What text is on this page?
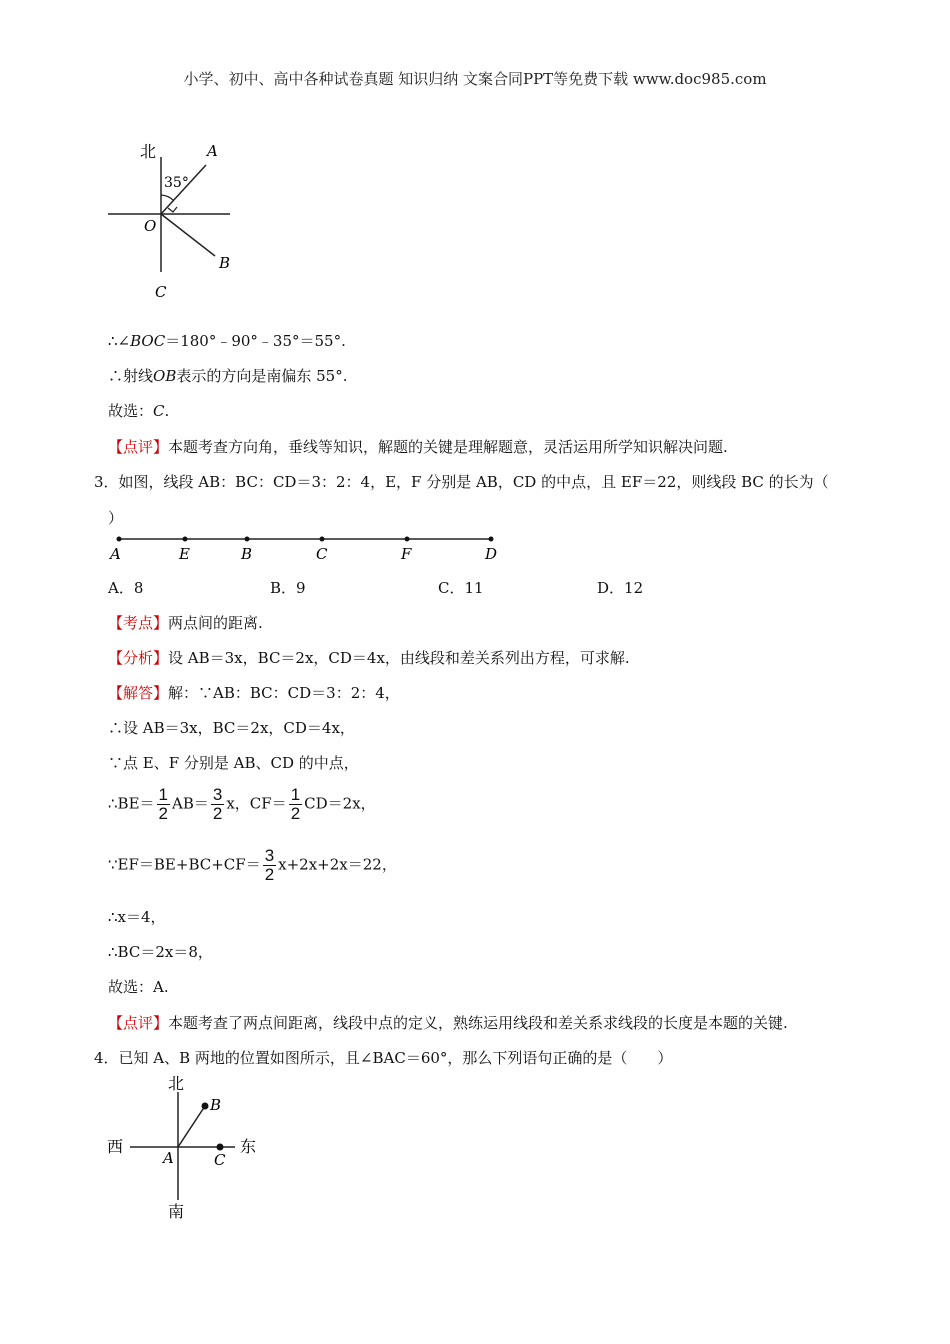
小学、初中、高中各种试卷真题 知识归纳 文案合同PPT等免费下载 www.doc985.com
北	A
35°
O
B
C
∴∠BOC＝180°﹣90°﹣35°＝55°.
∴射线OB表示的方向是南偏东 55°.
故选：C.
【点评】本题考查方向角，垂线等知识，解题的关键是理解题意，灵活运用所学知识解决问题.
3．如图，线段 AB：BC：CD＝3：2：4，E，F 分别是 AB，CD 的中点，且 EF＝22，则线段 BC 的长为（
）
A	E	B	C	F	D
A．8	B．9	C．11	D．12
【考点】两点间的距离.
【分析】设 AB＝3x，BC＝2x，CD＝4x，由线段和差关系列出方程，可求解.
【解答】解：∵AB：BC：CD＝3：2：4，
∴设 AB＝3x，BC＝2x，CD＝4x，
∵点 E、F 分别是 AB、CD 的中点，
∴BE＝ $\frac{1}{2} AB= \frac{3}{2}$ x，$CF= \frac{1}{2} CD=2x$，
∵EF＝BE+BC+CF＝ $\frac{3}{2} x+2x+2x=22$，
∴x＝4，
∴BC＝2x＝8，
故选：A.
【点评】本题考查了两点间距离，线段中点的定义，熟练运用线段和差关系求线段的长度是本题的关键.
4．已知 A、B 两地的位置如图所示，且∠BAC＝60°，那么下列语句正确的是（　　）
北
西	东
南
A
B
C
